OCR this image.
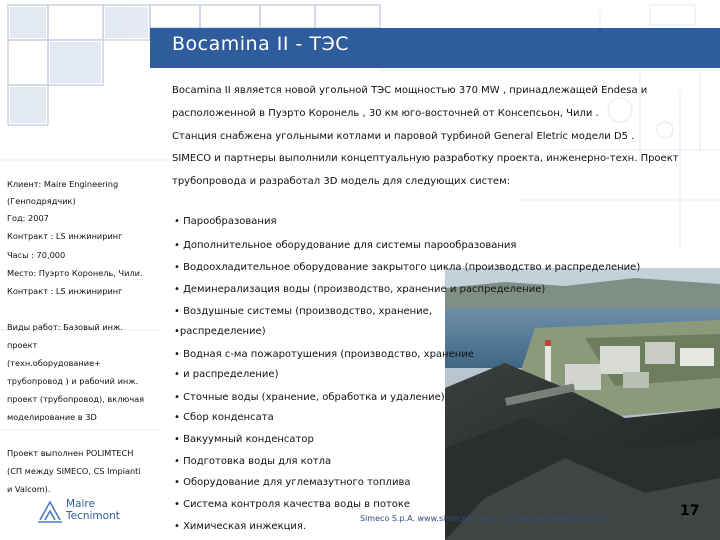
Bocamina II - ТЭС

Bocamina II является новой угольной ТЭС мощностью 370 MW , принадлежащей Endesa и

расположенной в Пуэрто Коронель , 30 км юго-восточней от Консепсьон, Чили .

Станция снабжена угольными котлами и паровой турбиной General Eletric модели D5 .

SIMECO и партнеры выполнили концептуальную разработку проекта, инженерно-техн. Проект

трубопровода и разработал 3D модель для следующих систем:

Клиент: Maire Engineering
(Генподрядчик)
Год: 2007
Контракт : LS инжиниринг
Часы : 70,000
Место: Пуэрто Коронель, Чили.
Контракт : LS инжиниринг
Виды работ: Базовый инж.
проект
(техн.оборудование+
трубопровод ) и рабочий инж.
проект (трубопровод), включая
моделирование в 3D
Проект выполнен POLIMTECH
(СП между SIMECO, CS Impianti
и Valcom).
• Парообразования
• Дополнительное оборудование для системы парообразования
• Водоохладительное оборудование закрытого цикла (производство и распределение)
• Деминерализация воды (производство, хранение и распределение)
• Воздушные системы (производство, хранение,
•распределение)
• Водная с-ма пожаротушения (производство, хранение
• и распределение)
• Сточные воды (хранение, обработка и удаление)
• Сбор конденсата
• Вакуумный конденсатор
• Подготовка воды для котла
• Оборудование для углемазутного топлива
• Система контроля качества воды в потоке
• Химическая инжекция.
Maire
Tecnimont	Simeco S.p.A. www.simecomilano.it | simeco@simecomilano.it	17
